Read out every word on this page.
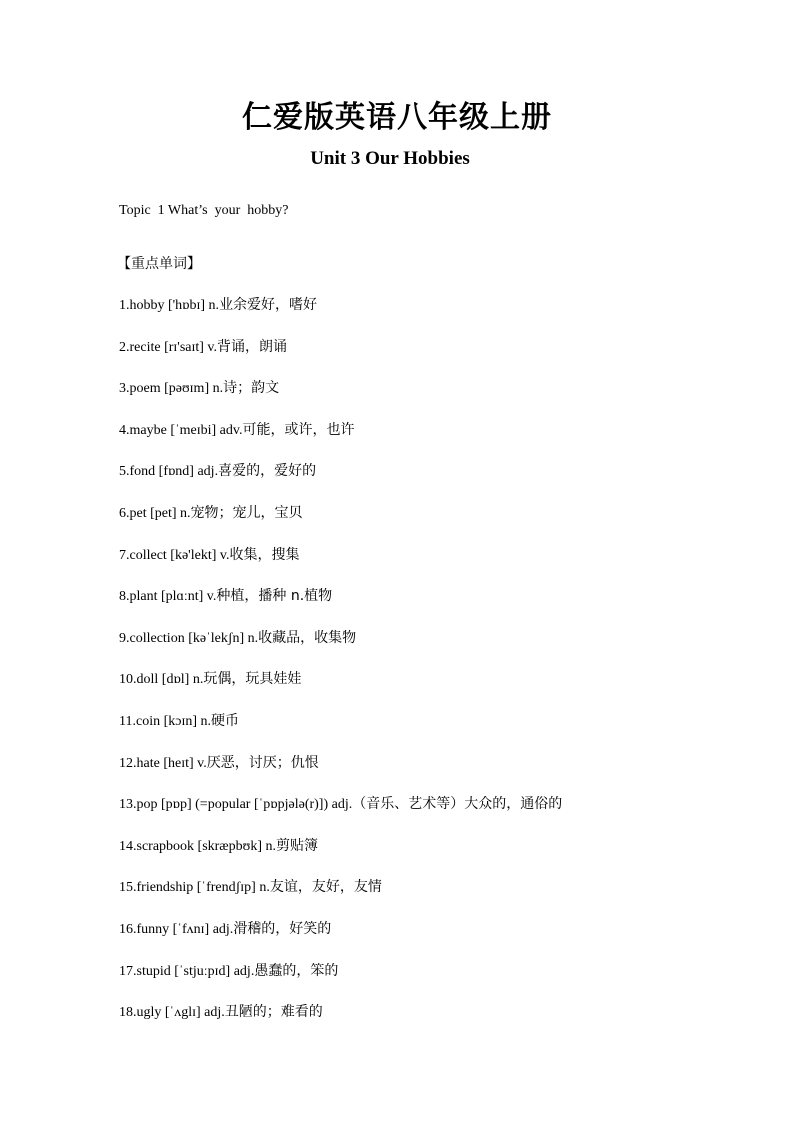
仁爱版英语八年级上册
Unit 3 Our Hobbies
Topic  1 What’s  your  hobby?
【重点单词】
1.hobby ['hɒbɪ] n.业余爱好，嗜好
2.recite [rɪ'saɪt] v.背诵，朗诵
3.poem [pəʊɪm] n.诗；韵文
4.maybe [ˈmeɪbi] adv.可能，或许，也许
5.fond [fɒnd] adj.喜爱的，爱好的
6.pet [pet] n.宠物；宠儿，宝贝
7.collect [kə'lekt] v.收集，搜集
8.plant [plɑːnt] v.种植，播种 n.植物
9.collection [kəˈlekʃn] n.收藏品，收集物
10.doll [dɒl] n.玩偶，玩具娃娃
11.coin [kɔɪn] n.硬币
12.hate [heɪt] v.厌恶，讨厌；仇恨
13.pop [pɒp] (=popular [ˈpɒpjələ(r)]) adj.（音乐、艺术等）大众的，通俗的
14.scrapbook [skræpbʊk] n.剪贴簿
15.friendship [ˈfrendʃɪp] n.友谊，友好，友情
16.funny [ˈfʌnɪ] adj.滑稽的，好笑的
17.stupid [ˈstjuːpɪd] adj.愚蠢的，笨的
18.ugly [ˈʌglɪ] adj.丑陋的；难看的
